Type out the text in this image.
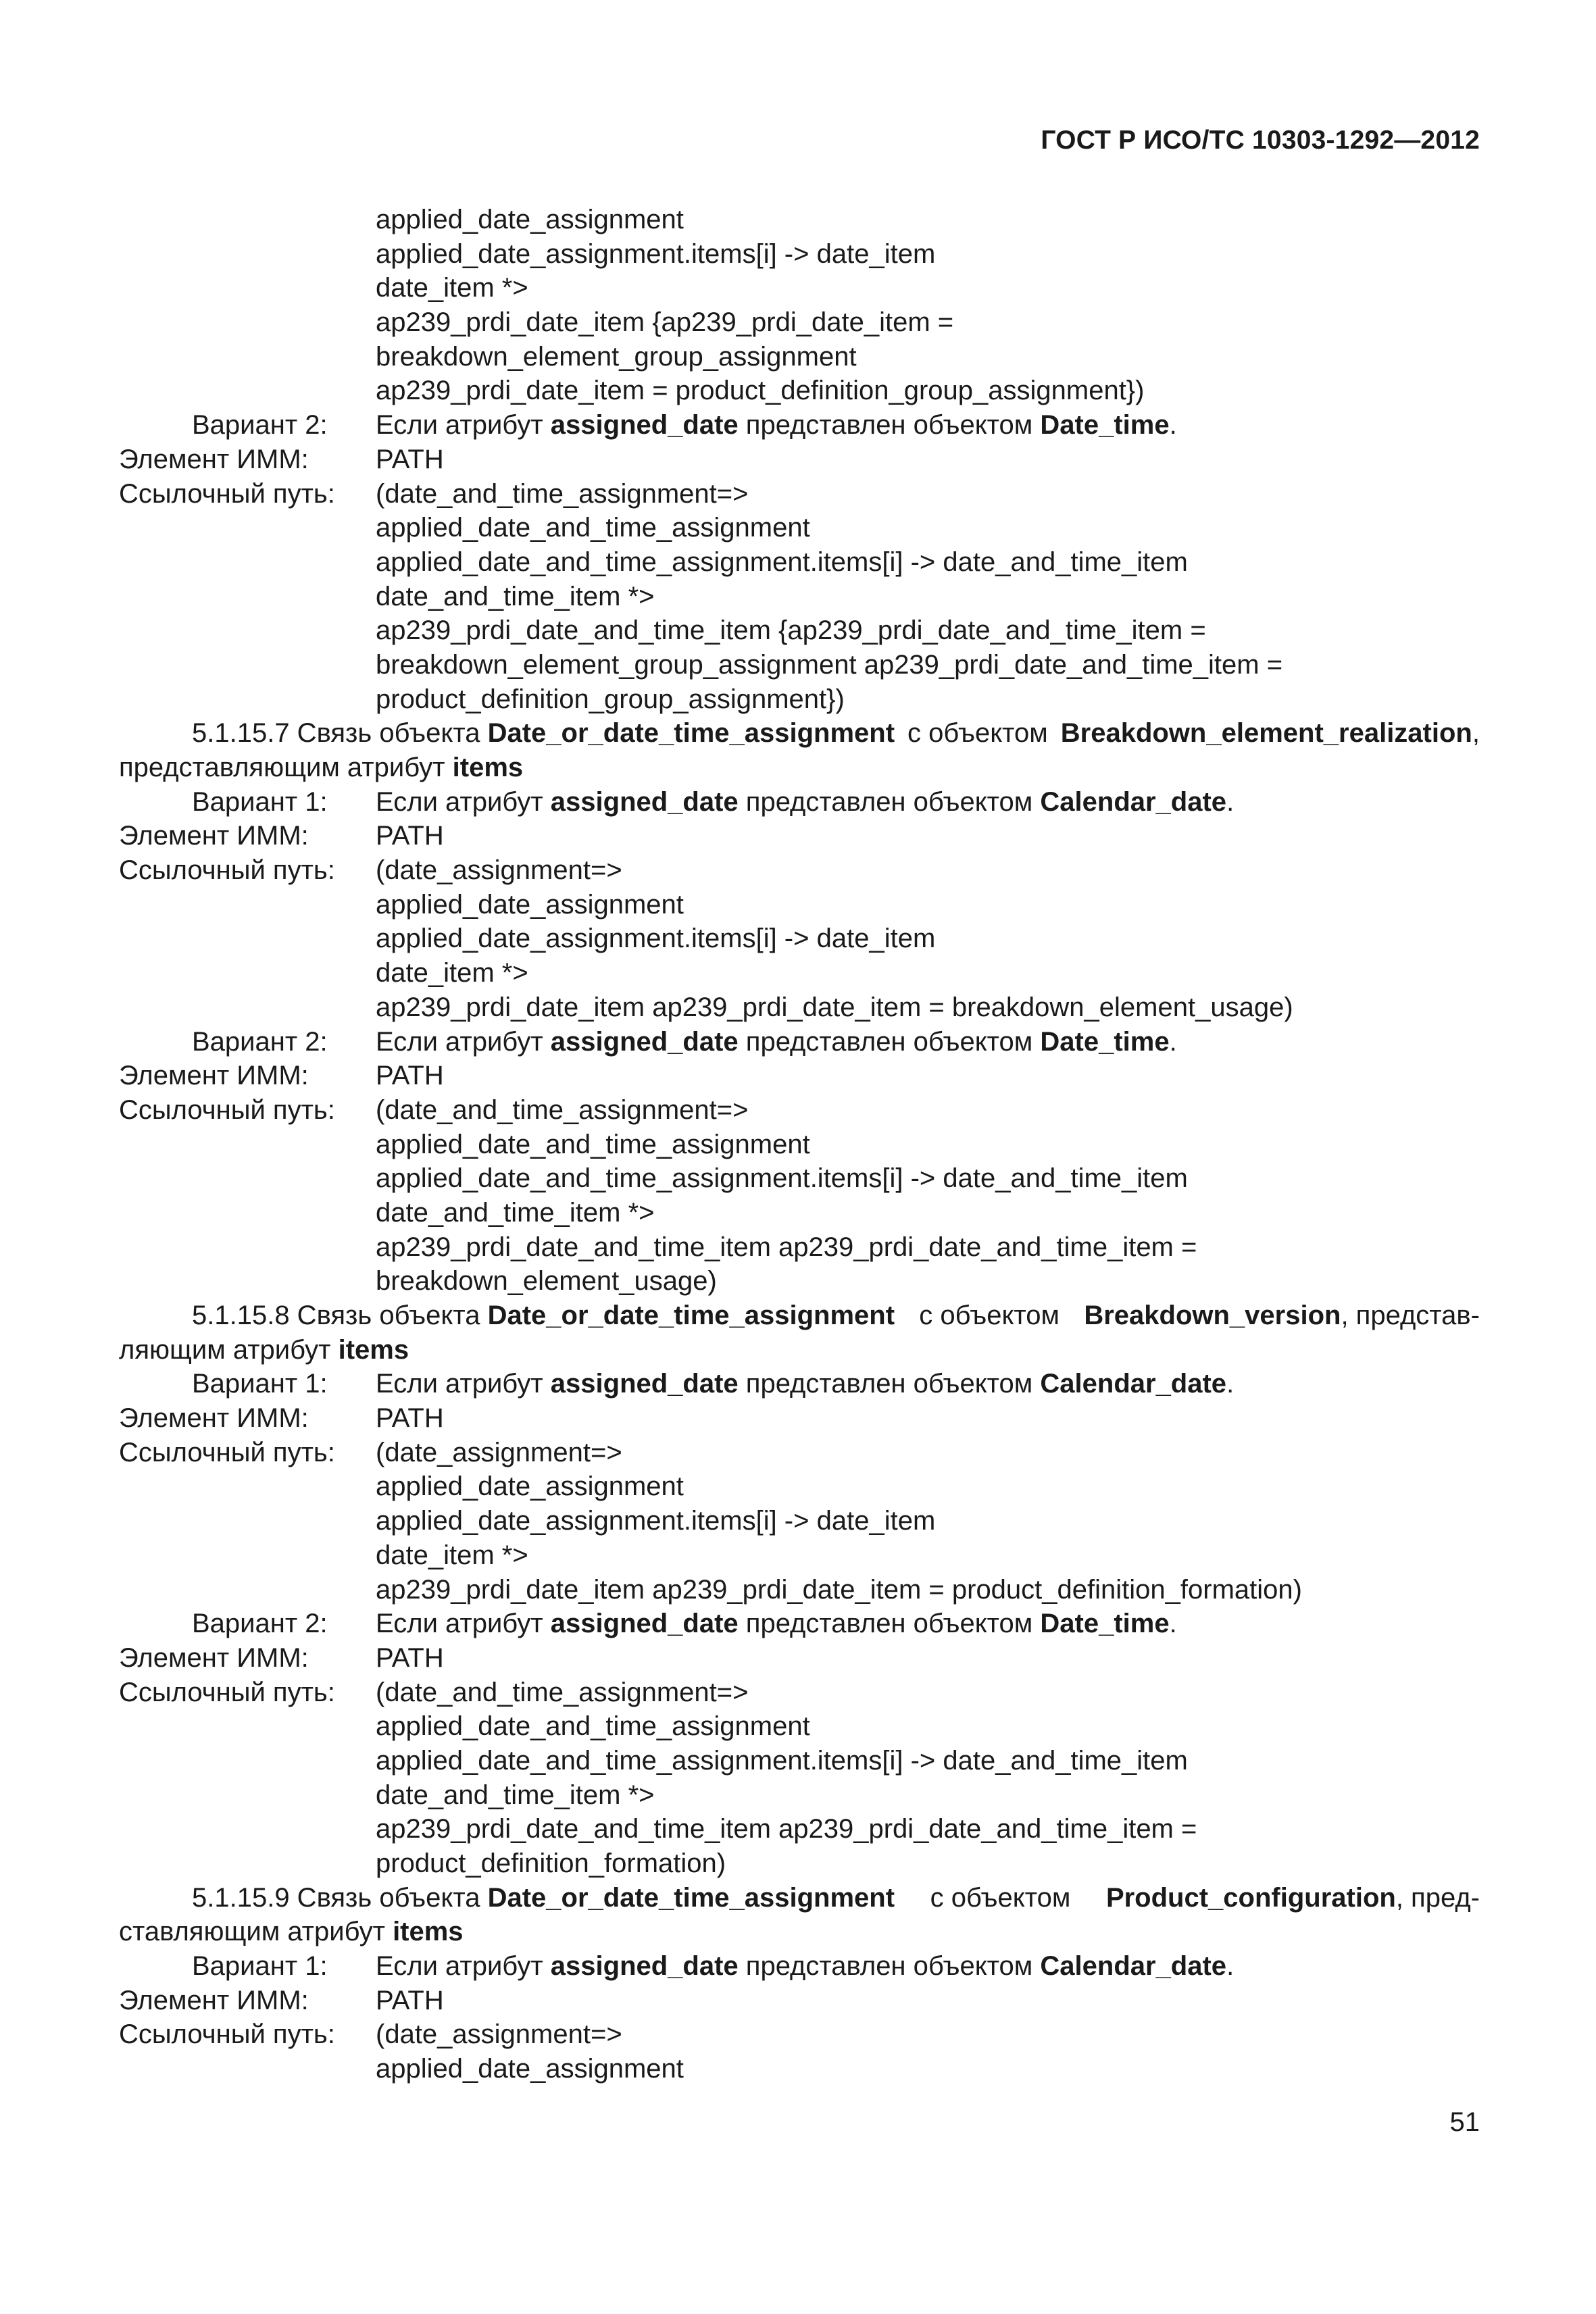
ГОСТ Р ИСО/ТС 10303-1292—2012
applied_date_assignment
applied_date_assignment.items[i] -> date_item
date_item *>
ap239_prdi_date_item {ap239_prdi_date_item =
breakdown_element_group_assignment
ap239_prdi_date_item = product_definition_group_assignment})
Вариант 2:	Если атрибут assigned_date представлен объектом Date_time.
Элемент ИММ:	PATH
Ссылочный путь:	(date_and_time_assignment=>
applied_date_and_time_assignment
applied_date_and_time_assignment.items[i] -> date_and_time_item
date_and_time_item *>
ap239_prdi_date_and_time_item {ap239_prdi_date_and_time_item =
breakdown_element_group_assignment ap239_prdi_date_and_time_item =
product_definition_group_assignment})
5.1.15.7 Связь объекта Date_or_date_time_assignment с объектом Breakdown_element_realization,
представляющим атрибут items
Вариант 1:	Если атрибут assigned_date представлен объектом Calendar_date.
Элемент ИММ:	PATH
Ссылочный путь:	(date_assignment=>
applied_date_assignment
applied_date_assignment.items[i] -> date_item
date_item *>
ap239_prdi_date_item ap239_prdi_date_item = breakdown_element_usage)
Вариант 2:	Если атрибут assigned_date представлен объектом Date_time.
Элемент ИММ:	PATH
Ссылочный путь:	(date_and_time_assignment=>
applied_date_and_time_assignment
applied_date_and_time_assignment.items[i] -> date_and_time_item
date_and_time_item *>
ap239_prdi_date_and_time_item ap239_prdi_date_and_time_item =
breakdown_element_usage)
5.1.15.8 Связь объекта Date_or_date_time_assignment с объектом Breakdown_version, представ-
ляющим атрибут items
Вариант 1:	Если атрибут assigned_date представлен объектом Calendar_date.
Элемент ИММ:	PATH
Ссылочный путь:	(date_assignment=>
applied_date_assignment
applied_date_assignment.items[i] -> date_item
date_item *>
ap239_prdi_date_item ap239_prdi_date_item = product_definition_formation)
Вариант 2:	Если атрибут assigned_date представлен объектом Date_time.
Элемент ИММ:	PATH
Ссылочный путь:	(date_and_time_assignment=>
applied_date_and_time_assignment
applied_date_and_time_assignment.items[i] -> date_and_time_item
date_and_time_item *>
ap239_prdi_date_and_time_item ap239_prdi_date_and_time_item =
product_definition_formation)
5.1.15.9 Связь объекта Date_or_date_time_assignment с объектом Product_configuration, пред-
ставляющим атрибут items
Вариант 1:	Если атрибут assigned_date представлен объектом Calendar_date.
Элемент ИММ:	PATH
Ссылочный путь:	(date_assignment=>
applied_date_assignment
51
